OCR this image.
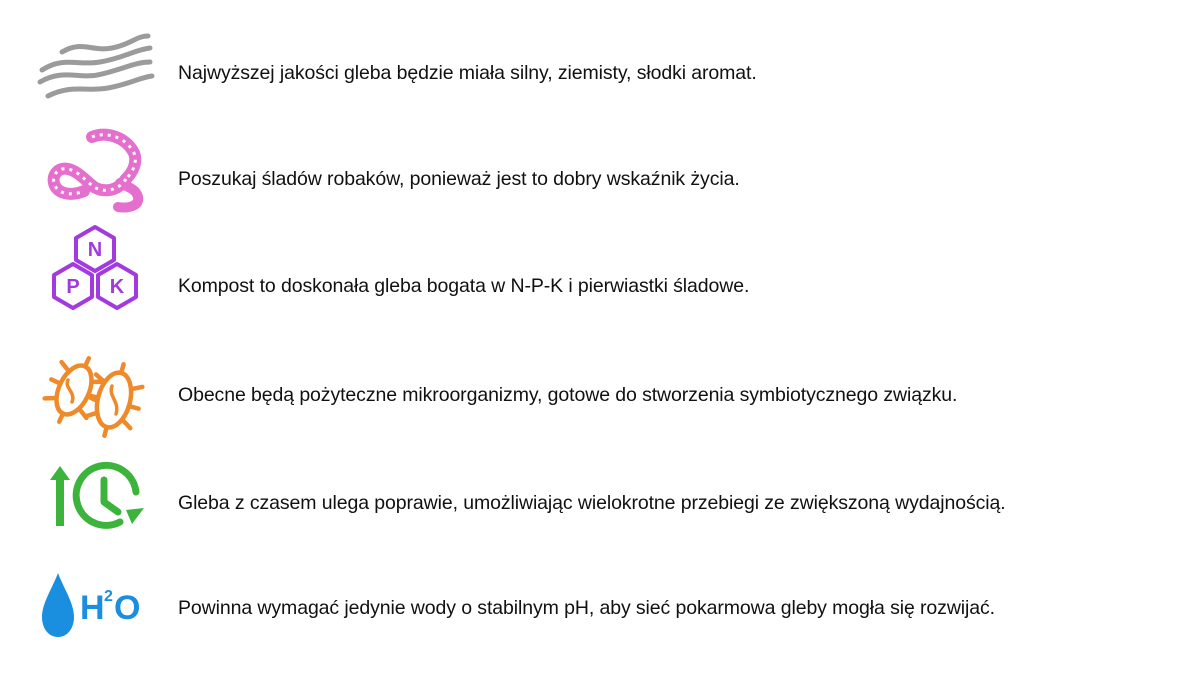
Najwyższej jakości gleba będzie miała silny, ziemisty, słodki aromat.
Poszukaj śladów robaków, ponieważ jest to dobry wskaźnik życia.
N
P K	Kompost to doskonała gleba bogata w N-P-K i pierwiastki śladowe.
Obecne będą pożyteczne mikroorganizmy, gotowe do stworzenia symbiotycznego związku.
Gleba z czasem ulega poprawie, umożliwiając wielokrotne przebiegi ze zwiększoną wydajnością.
H 2 O Powinna wymagać jedynie wody o stabilnym pH, aby sieć pokarmowa gleby mogła się rozwijać.
